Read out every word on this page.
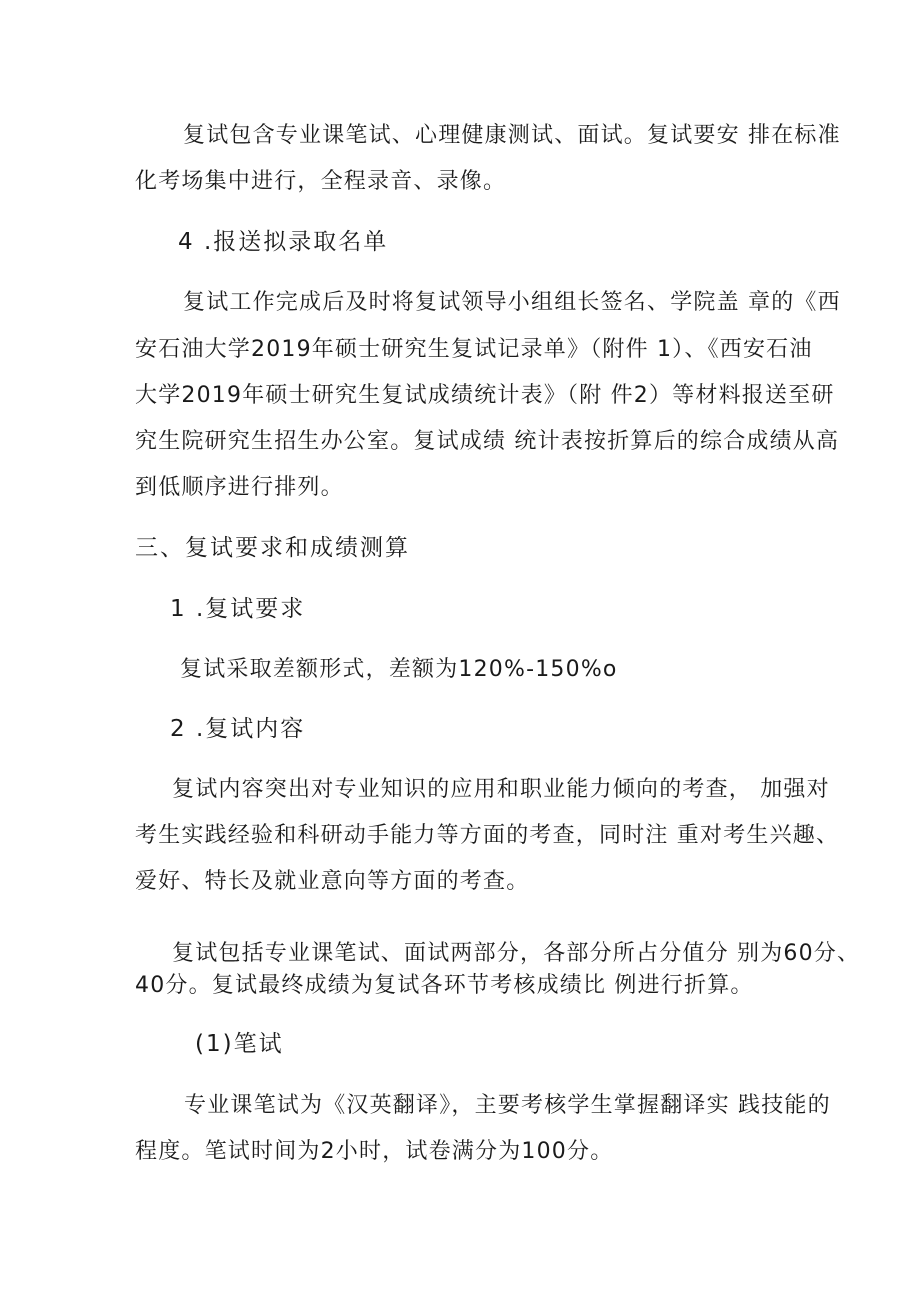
复试包含专业课笔试、心理健康测试、面试。复试要安 排在标准
化考场集中进行，全程录音、录像。
4 .报送拟录取名单
复试工作完成后及时将复试领导小组组长签名、学院盖 章的《西
安石油大学2019年硕士研究生复试记录单》（附件 1）、《西安石油
大学2019年硕士研究生复试成绩统计表》（附 件2）等材料报送至研
究生院研究生招生办公室。复试成绩 统计表按折算后的综合成绩从高
到低顺序进行排列。
三、复试要求和成绩测算
1 .复试要求
复试采取差额形式，差额为120%-150%o
2 .复试内容
复试内容突出对专业知识的应用和职业能力倾向的考查， 加强对
考生实践经验和科研动手能力等方面的考查，同时注 重对考生兴趣、
爱好、特长及就业意向等方面的考查。
复试包括专业课笔试、面试两部分，各部分所占分值分 别为60分、
40分。复试最终成绩为复试各环节考核成绩比 例进行折算。
(1)笔试
专业课笔试为《汉英翻译》，主要考核学生掌握翻译实 践技能的
程度。笔试时间为2小时，试卷满分为100分。
